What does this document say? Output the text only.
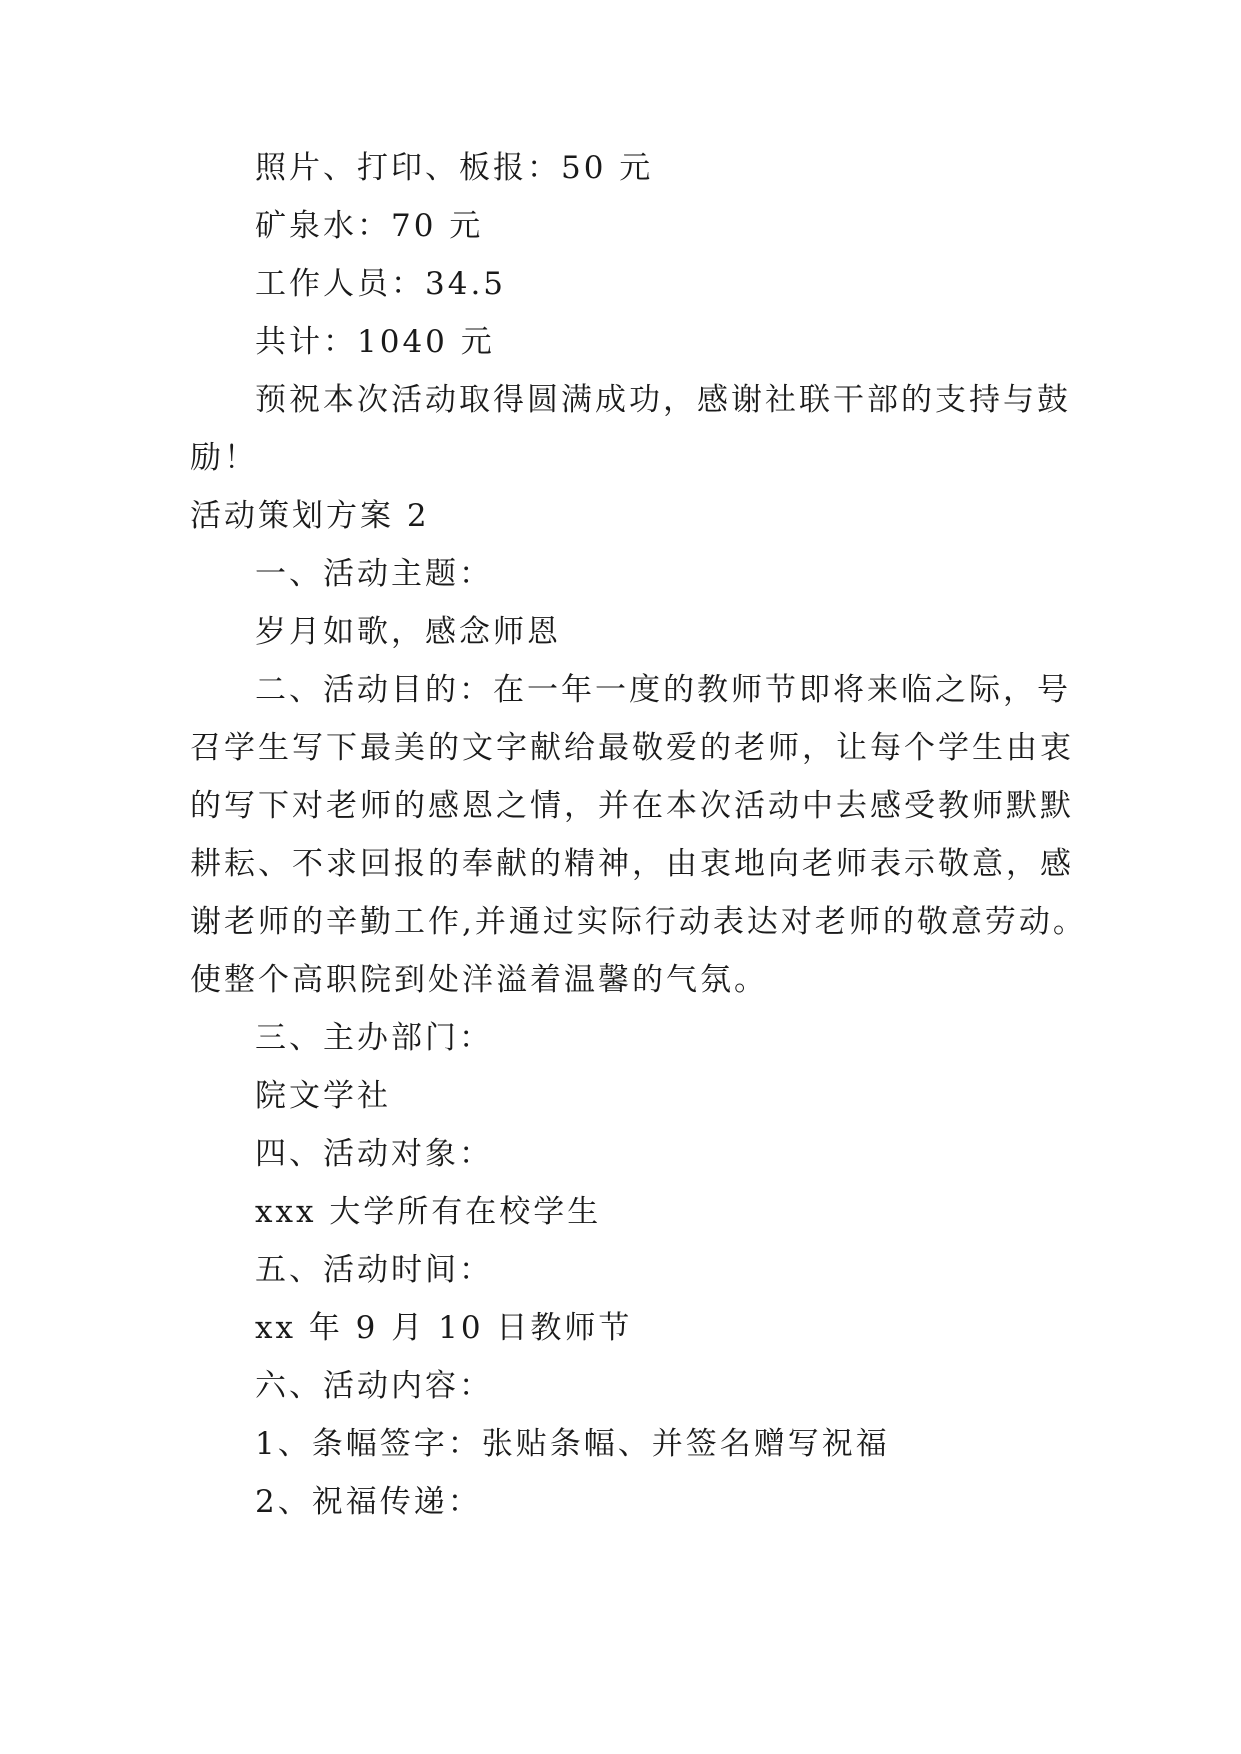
照片、打印、板报：50 元
矿泉水：70 元
工作人员：34.5
共计：1040 元
预祝本次活动取得圆满成功，感谢社联干部的支持与鼓
励！
活动策划方案 2
一、活动主题：
岁月如歌，感念师恩
二、活动目的：在一年一度的教师节即将来临之际，号
召学生写下最美的文字献给最敬爱的老师，让每个学生由衷
的写下对老师的感恩之情，并在本次活动中去感受教师默默
耕耘、不求回报的奉献的精神，由衷地向老师表示敬意，感
谢老师的辛勤工作,并通过实际行动表达对老师的敬意劳动。
使整个高职院到处洋溢着温馨的气氛。
三、主办部门：
院文学社
四、活动对象：
xxx 大学所有在校学生
五、活动时间：
xx 年 9 月 10 日教师节
六、活动内容：
1、条幅签字：张贴条幅、并签名赠写祝福
2、祝福传递：
